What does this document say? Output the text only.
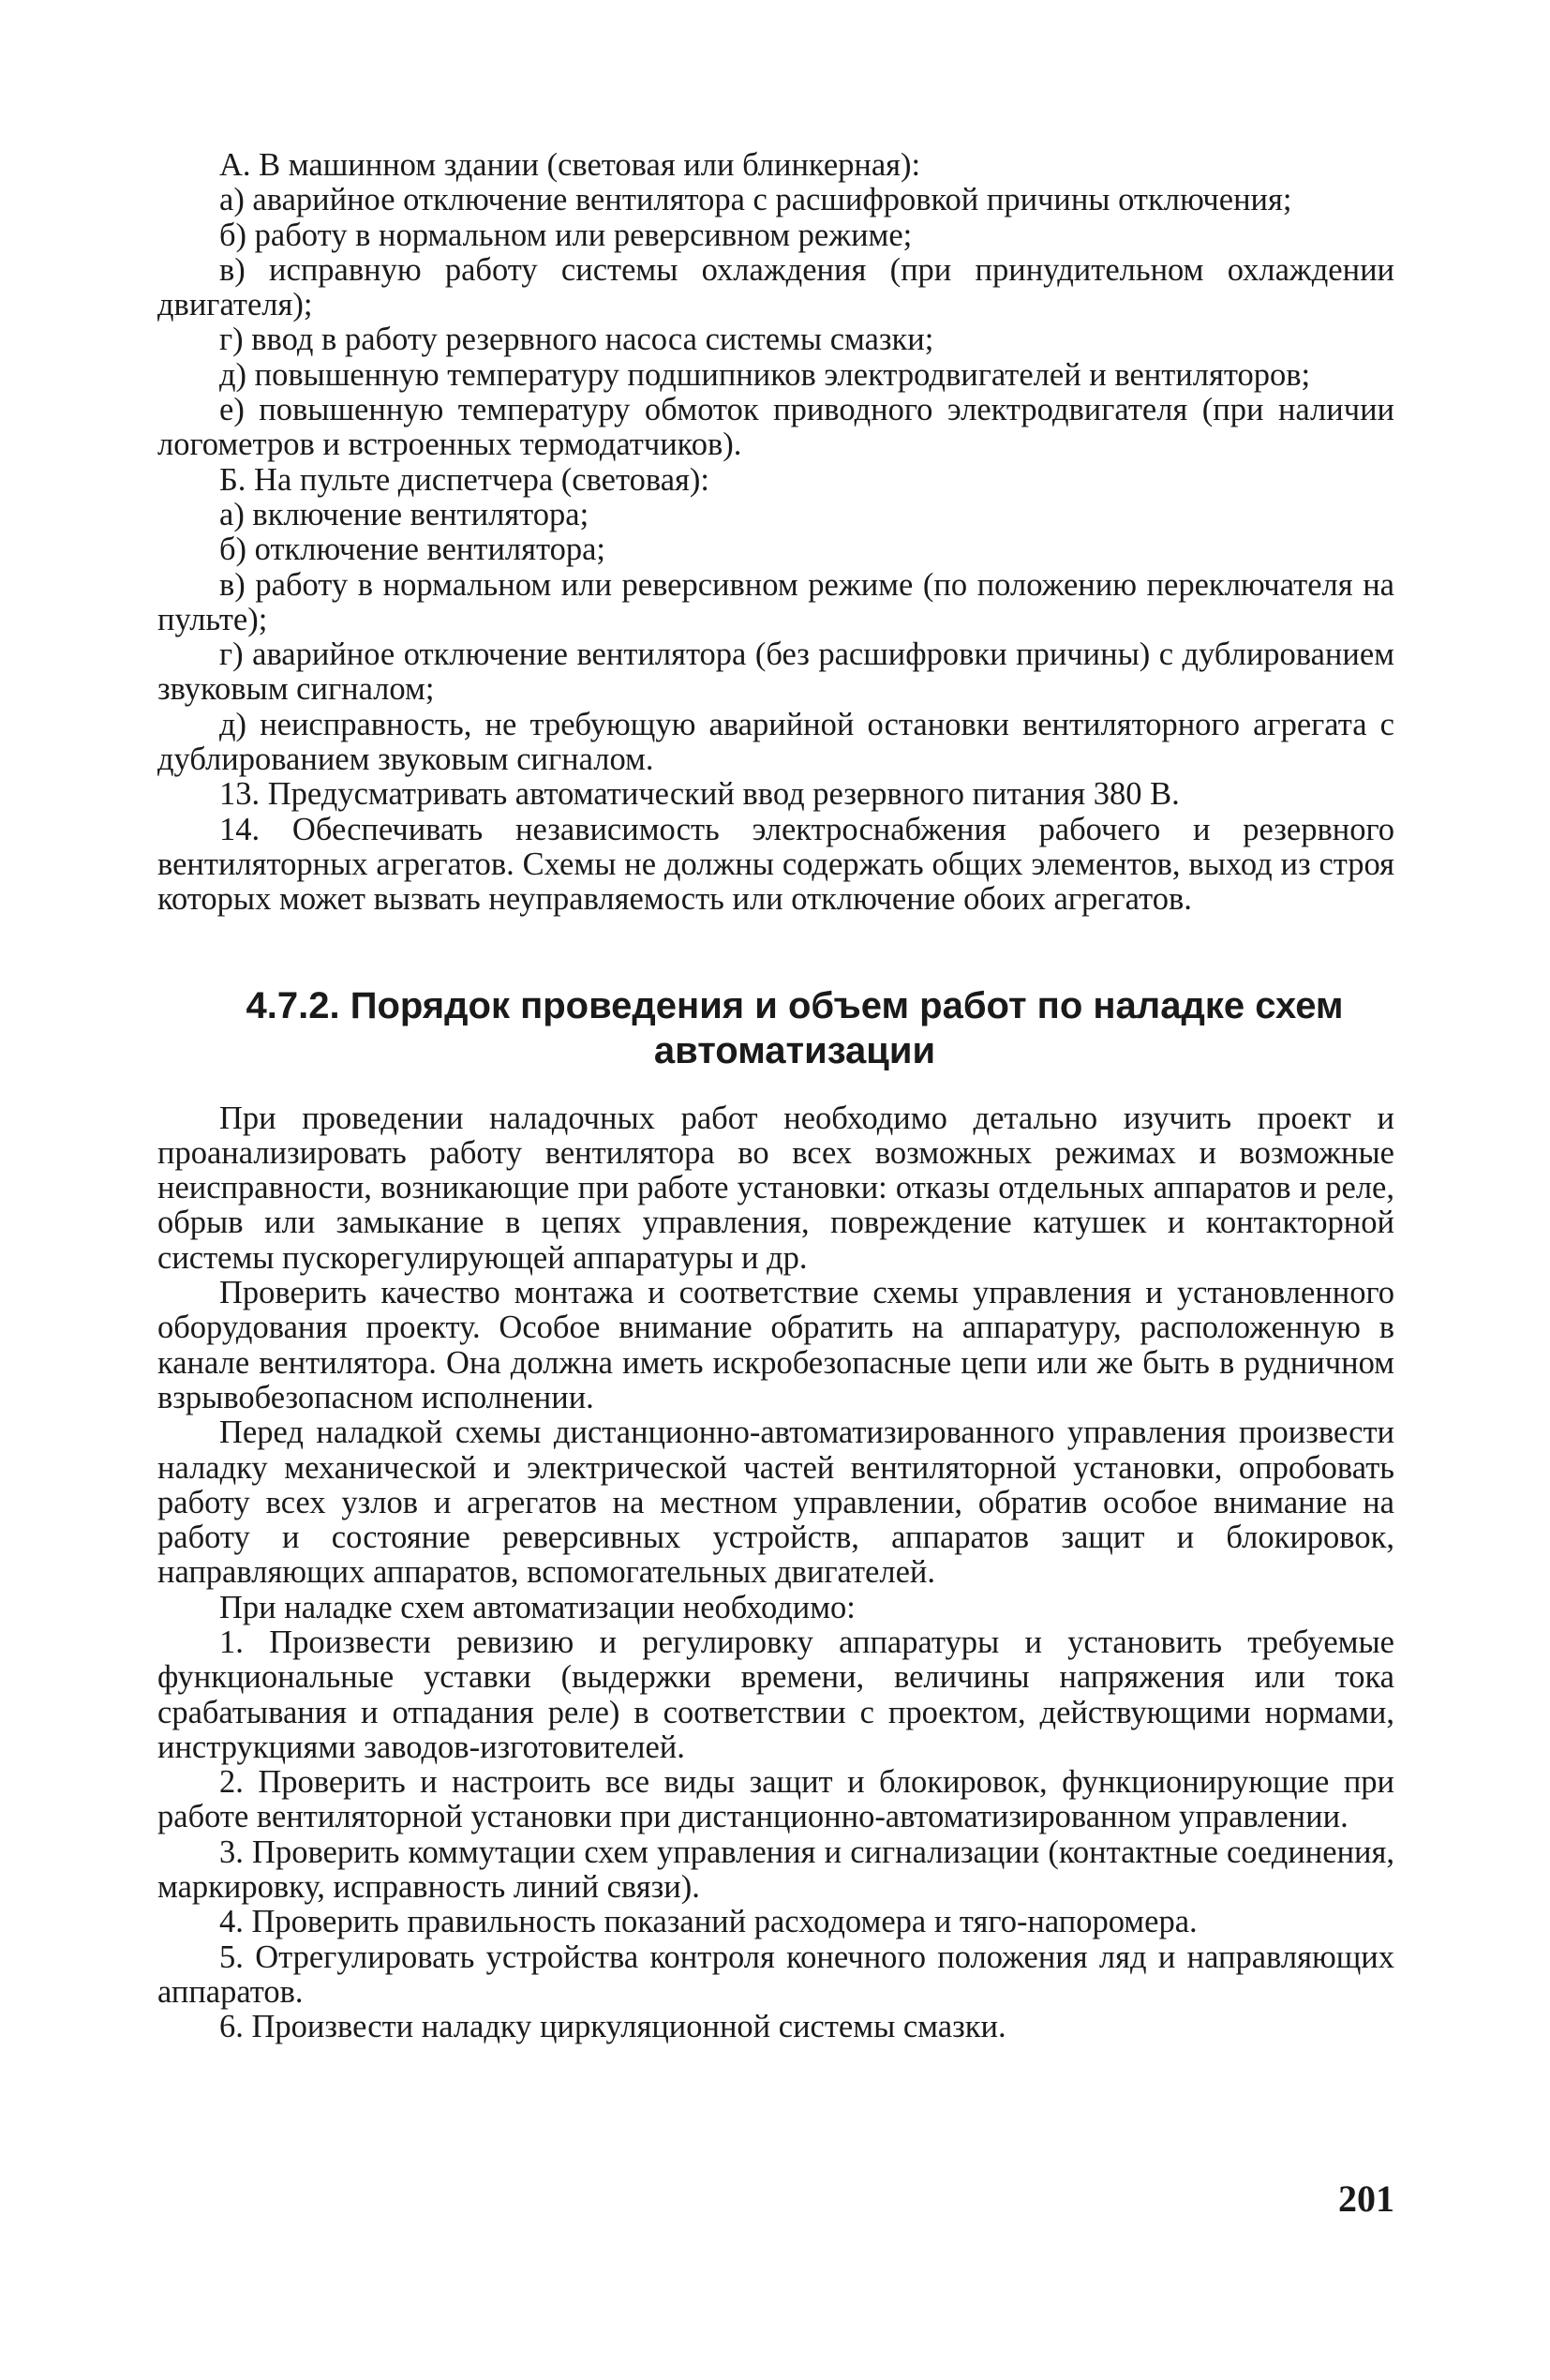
А. В машинном здании (световая или блинкерная):

а) аварийное отключение вентилятора с расшифровкой причины отключения;

б) работу в нормальном или реверсивном режиме;

в) исправную работу системы охлаждения (при принудительном охлаждении двигателя);

г) ввод в работу резервного насоса системы смазки;

д) повышенную температуру подшипников электродвигателей и вентиляторов;

е) повышенную температуру обмоток приводного электродвигателя (при наличии логометров и встроенных термодатчиков).

Б. На пульте диспетчера (световая):

а) включение вентилятора;

б) отключение вентилятора;

в) работу в нормальном или реверсивном режиме (по положению переключателя на пульте);

г) аварийное отключение вентилятора (без расшифровки причины) с дублированием звуковым сигналом;

д) неисправность, не требующую аварийной остановки вентиляторного агрегата с дублированием звуковым сигналом.

13. Предусматривать автоматический ввод резервного питания 380 В.

14. Обеспечивать независимость электроснабжения рабочего и резервного вентиляторных агрегатов. Схемы не должны содержать общих элементов, выход из строя которых может вызвать неуправляемость или отключение обоих агрегатов.

4.7.2. Порядок проведения и объем работ по наладке схем
автоматизации

При проведении наладочных работ необходимо детально изучить проект и проанализировать работу вентилятора во всех возможных режимах и возможные неисправности, возникающие при работе установки: отказы отдельных аппаратов и реле, обрыв или замыкание в цепях управления, повреждение катушек и контакторной системы пускорегулирующей аппаратуры и др.

Проверить качество монтажа и соответствие схемы управления и установленного оборудования проекту. Особое внимание обратить на аппаратуру, расположенную в канале вентилятора. Она должна иметь искробезопасные цепи или же быть в рудничном взрывобезопасном исполнении.

Перед наладкой схемы дистанционно-автоматизированного управления произвести наладку механической и электрической частей вентиляторной установки, опробовать работу всех узлов и агрегатов на местном управлении, обратив особое внимание на работу и состояние реверсивных устройств, аппаратов защит и блокировок, направляющих аппаратов, вспомогательных двигателей.

При наладке схем автоматизации необходимо:

1. Произвести ревизию и регулировку аппаратуры и установить требуемые функциональные уставки (выдержки времени, величины напряжения или тока срабатывания и отпадания реле) в соответствии с проектом, действующими нормами, инструкциями заводов-изготовителей.

2. Проверить и настроить все виды защит и блокировок, функционирующие при работе вентиляторной установки при дистанционно-автоматизированном управлении.

3. Проверить коммутации схем управления и сигнализации (контактные соединения, маркировку, исправность линий связи).

4. Проверить правильность показаний расходомера и тяго-напоромера.

5. Отрегулировать устройства контроля конечного положения ляд и направляющих аппаратов.

6. Произвести наладку циркуляционной системы смазки.

201
